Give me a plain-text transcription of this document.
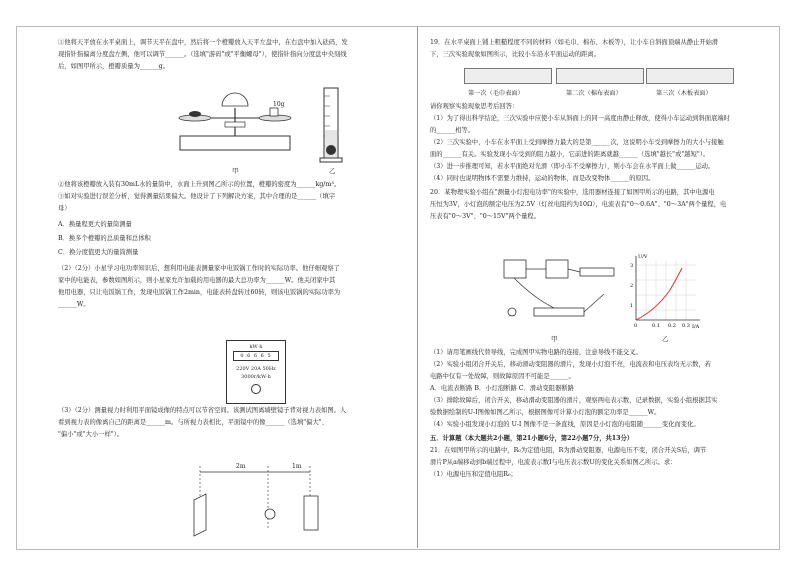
①他将天平放在水平桌面上，调节天平在盘中，然后将一个橙瓣放入天平左盘中，在右盘中加入砝码，发

现指针指偏离分度盘左侧，他可以调节______。（选填"游码"或"平衡螺母"），使指针指向分度盘中央刻线

后，如图甲所示，橙瓣质量为______g。

10g
甲	乙

②他将该橙瓣放入装有30mL水的量筒中，水面上升到图乙所示的位置，橙瓣的密度为______kg/m³。

③如对实验进行误差分析，觉得测量结果偏大。他设计了下列解决方案，其中合理的是______（填字

母）

A．换量程更大的量筒测量

B．换多个橙瓣的总质量和总体积

C．换分度值更大的量筒测量

（2）（2分）小星学习电功率知识后，想利用电能表测量家中电饭锅工作时的实际功率。他仔细观察了

家中的电能表，参数如图所示，则小星家允许加载的用电器的最大总功率为______W。他关闭家中其

他用电器，只让电饭锅工作，发现电饭锅工作2min，电能表转盘转过60转，则该电饭锅的实际功率为

______W。

kW·h
0 6 6 6 5
220V 20A 50Hz
3000r/kW·h

（3）（2分）测量视力时利用平面镜成像的特点可以节省空间。该测试图离墙壁镜子背对视力表如图。人

看到视力表的像离自己的距离是______m。与所视力表相比，平面镜中的像______（选填"偏大"、

"偏小"或"大小一样"）。

2m	1m

19．在水平桌面上铺上粗糙程度不同的材料（如毛巾、棉布、木板等），让小车自斜面顶端从静止开始滑

下，三次实验现象如图所示，比较小车沿水平面运动的距离。

第一次（毛巾表面）	第二次（棉布表面）	第三次（木板表面）

请你观察实验现象思考后回答：

（1）为了得出科学结论，三次实验中应使小车从斜面上的同一高度由静止释放，使得小车运动到斜面底端时

的______相等。

（2）三次实验中，小车在水平面上受到摩擦力最大的是第______次，这说明小车受到摩擦力的大小与接触

面的______有关。实验发现小车受到的阻力越小，它前进的距离就越______（选填"越长"或"越短"）。

（3）进一步推理可知，若水平面绝对光滑（即小车不受摩擦力），则小车会在水平面上做______运动。

（4）同时也说明物体不需要力维持，运动的物体，而是改变物体______的原因。

20．某物理实验小组在"测量小灯泡电功率"的实验中，选用器材连接了如图甲所示的电路，其中电源电

压恒为3V，小灯泡的额定电压为2.5V（灯丝电阻约为10Ω），电流表有"0～0.6A"、"0～3A"两个量程，电

压表有"0～3V"、"0～15V"两个量程。

U/V
I/A
3
2
1
0	0.1 0.2 0.3
甲	乙

（1）请用笔画线代替导线，完成图甲实物电路的连接，注意导线不能交叉。

（2）实验小组闭合开关后，移动滑动变阻器的滑片，发现小灯泡不亮，电流表和电压表均无示数，若

电路中仅有一处故障，则故障原因不可能是______。

A．电流表断路 B．小灯泡断路 C．滑动变阻器断路

（3）排除故障后，闭合开关，移动滑动变阻器的滑片，观察两电表示数，记录数据，实验小组根据其实

验数据绘制的U-I图像如图乙所示，根据图像可计算小灯泡的额定功率是______W。

（4）实验小组发现小灯泡的 U-I 图像不是一条直线，原因是小灯泡的电阻随______变化而变化。

五．计算题（本大题共2小题，第21小题6分，第22小题7分，共13分）

21．在如图甲所示的电路中，R₀为定值电阻，R为滑动变阻器，电源电压不变，闭合开关S后，调节

滑片P从a端移动到b端过程中，电流表示数I与电压表示数U的变化关系如图乙所示。求：

（1）电源电压和定值电阻R₀；
